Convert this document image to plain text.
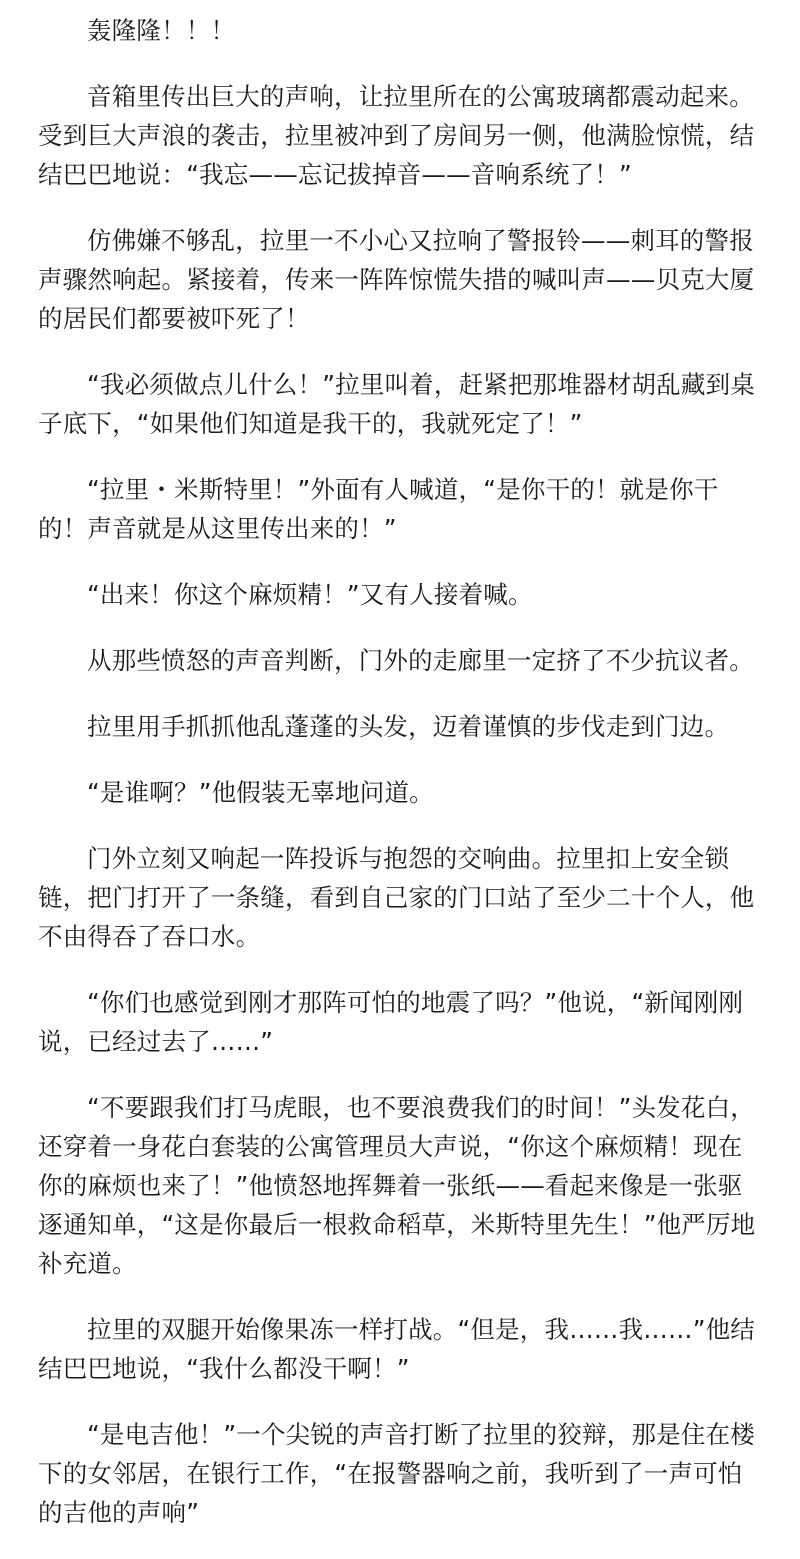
轰隆隆！！！

音箱里传出巨大的声响，让拉里所在的公寓玻璃都震动起来。受到巨大声浪的袭击，拉里被冲到了房间另一侧，他满脸惊慌，结结巴巴地说：“我忘——忘记拔掉音——音响系统了！”

仿佛嫌不够乱，拉里一不小心又拉响了警报铃——刺耳的警报声骤然响起。紧接着，传来一阵阵惊慌失措的喊叫声——贝克大厦的居民们都要被吓死了！

“我必须做点儿什么！”拉里叫着，赶紧把那堆器材胡乱藏到桌子底下，“如果他们知道是我干的，我就死定了！”

“拉里・米斯特里！”外面有人喊道，“是你干的！就是你干的！声音就是从这里传出来的！”

“出来！你这个麻烦精！”又有人接着喊。

从那些愤怒的声音判断，门外的走廊里一定挤了不少抗议者。

拉里用手抓抓他乱蓬蓬的头发，迈着谨慎的步伐走到门边。

“是谁啊？”他假装无辜地问道。

门外立刻又响起一阵投诉与抱怨的交响曲。拉里扣上安全锁链，把门打开了一条缝，看到自己家的门口站了至少二十个人，他不由得吞了吞口水。

“你们也感觉到刚才那阵可怕的地震了吗？”他说，“新闻刚刚说，已经过去了……”

“不要跟我们打马虎眼，也不要浪费我们的时间！”头发花白，还穿着一身花白套装的公寓管理员大声说，“你这个麻烦精！现在你的麻烦也来了！”他愤怒地挥舞着一张纸——看起来像是一张驱逐通知单，“这是你最后一根救命稻草，米斯特里先生！”他严厉地补充道。

拉里的双腿开始像果冻一样打战。“但是，我……我……”他结结巴巴地说，“我什么都没干啊！”

“是电吉他！”一个尖锐的声音打断了拉里的狡辩，那是住在楼下的女邻居，在银行工作，“在报警器响之前，我听到了一声可怕的吉他的声响”
